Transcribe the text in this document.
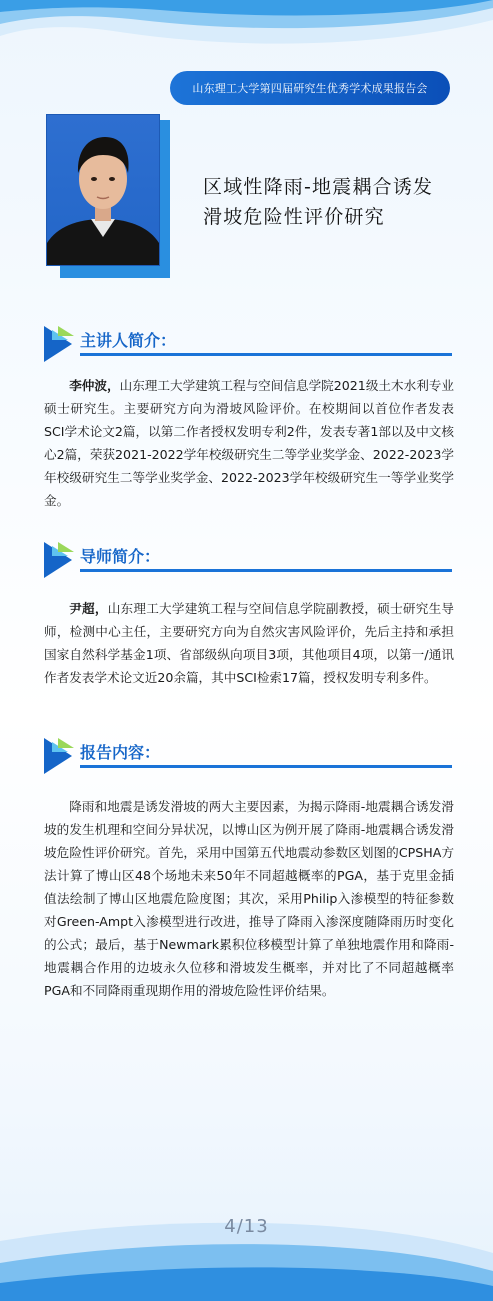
山东理工大学第四届研究生优秀学术成果报告会
区域性降雨-地震耦合诱发
滑坡危险性评价研究
主讲人简介：
李仲波，山东理工大学建筑工程与空间信息学院2021级土木水利专业硕士研究生。主要研究方向为滑坡风险评价。在校期间以首位作者发表SCI学术论文2篇，以第二作者授权发明专利2件，发表专著1部以及中文核心2篇，荣获2021-2022学年校级研究生二等学业奖学金、2022-2023学年校级研究生二等学业奖学金、2022-2023学年校级研究生一等学业奖学金。
导师简介：
尹超，山东理工大学建筑工程与空间信息学院副教授，硕士研究生导师，检测中心主任，主要研究方向为自然灾害风险评价，先后主持和承担国家自然科学基金1项、省部级纵向项目3项，其他项目4项，以第一/通讯作者发表学术论文近20余篇，其中SCI检索17篇，授权发明专利多件。
报告内容：
降雨和地震是诱发滑坡的两大主要因素，为揭示降雨-地震耦合诱发滑坡的发生机理和空间分异状况，以博山区为例开展了降雨-地震耦合诱发滑坡危险性评价研究。首先，采用中国第五代地震动参数区划图的CPSHA方法计算了博山区48个场地未来50年不同超越概率的PGA，基于克里金插值法绘制了博山区地震危险度图；其次，采用Philip入渗模型的特征参数对Green-Ampt入渗模型进行改进，推导了降雨入渗深度随降雨历时变化的公式；最后，基于Newmark累积位移模型计算了单独地震作用和降雨-地震耦合作用的边坡永久位移和滑坡发生概率，并对比了不同超越概率PGA和不同降雨重现期作用的滑坡危险性评价结果。
4/13
